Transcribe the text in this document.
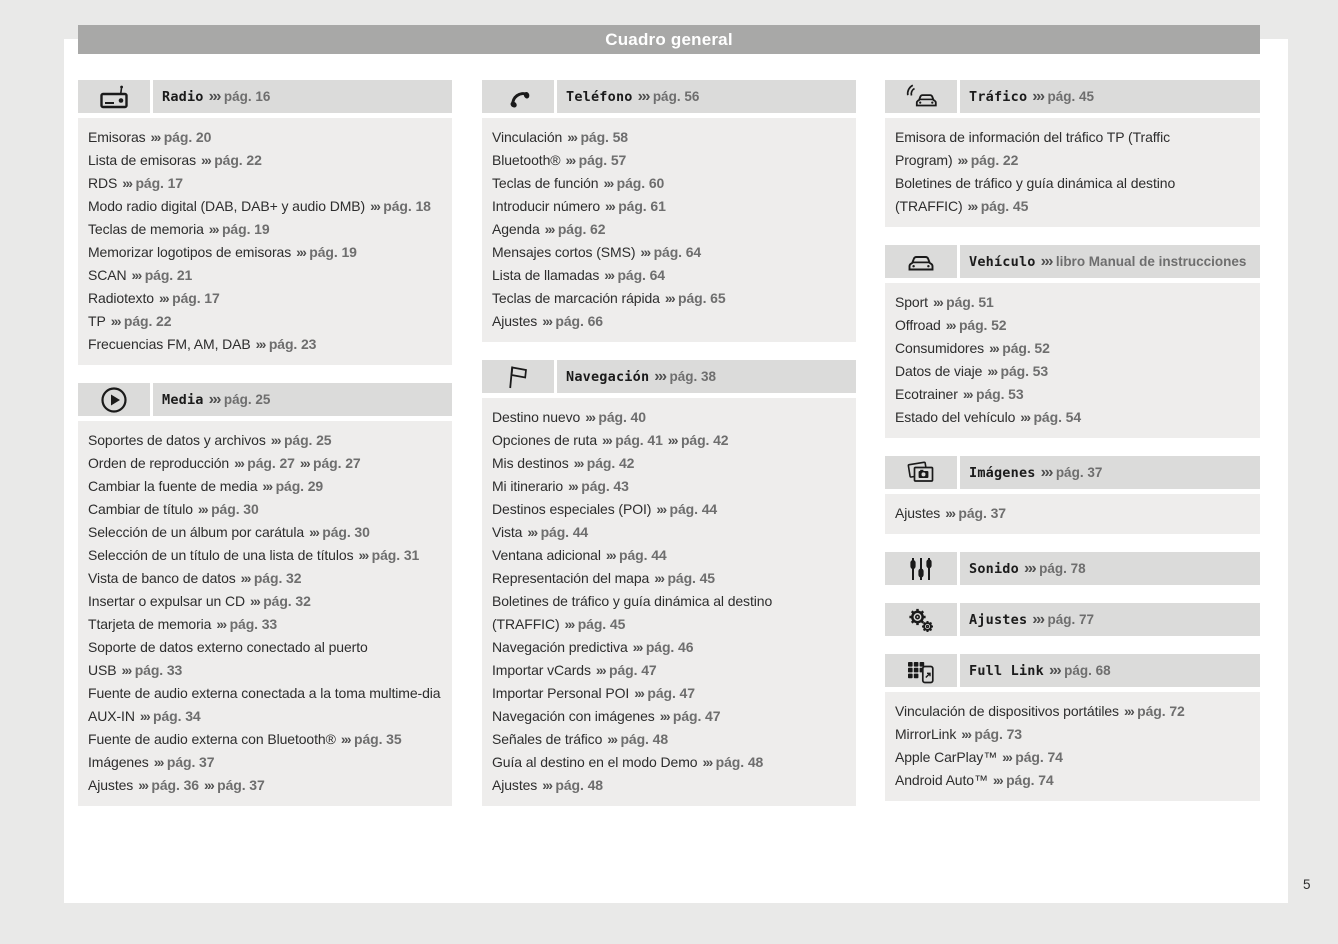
Cuadro general
Radio ››› pág. 16
Emisoras ››› pág. 20
Lista de emisoras ››› pág. 22
RDS ››› pág. 17
Modo radio digital (DAB, DAB+ y audio DMB) ››› pág. 18
Teclas de memoria ››› pág. 19
Memorizar logotipos de emisoras ››› pág. 19
SCAN ››› pág. 21
Radiotexto ››› pág. 17
TP ››› pág. 22
Frecuencias FM, AM, DAB ››› pág. 23
Media ››› pág. 25
Soportes de datos y archivos ››› pág. 25
Orden de reproducción ››› pág. 27 ››› pág. 27
Cambiar la fuente de media ››› pág. 29
Cambiar de título ››› pág. 30
Selección de un álbum por carátula ››› pág. 30
Selección de un título de una lista de títulos ››› pág. 31
Vista de banco de datos ››› pág. 32
Insertar o expulsar un CD ››› pág. 32
Ttarjeta de memoria ››› pág. 33
Soporte de datos externo conectado al puerto USB ››› pág. 33
Fuente de audio externa conectada a la toma multime-dia AUX-IN ››› pág. 34
Fuente de audio externa con Bluetooth® ››› pág. 35
Imágenes ››› pág. 37
Ajustes ››› pág. 36 ››› pág. 37
Teléfono ››› pág. 56
Vinculación ››› pág. 58
Bluetooth® ››› pág. 57
Teclas de función ››› pág. 60
Introducir número ››› pág. 61
Agenda ››› pág. 62
Mensajes cortos (SMS) ››› pág. 64
Lista de llamadas ››› pág. 64
Teclas de marcación rápida ››› pág. 65
Ajustes ››› pág. 66
Navegación ››› pág. 38
Destino nuevo ››› pág. 40
Opciones de ruta ››› pág. 41 ››› pág. 42
Mis destinos ››› pág. 42
Mi itinerario ››› pág. 43
Destinos especiales (POI) ››› pág. 44
Vista ››› pág. 44
Ventana adicional ››› pág. 44
Representación del mapa ››› pág. 45
Boletines de tráfico y guía dinámica al destino (TRAFFIC) ››› pág. 45
Navegación predictiva ››› pág. 46
Importar vCards ››› pág. 47
Importar Personal POI ››› pág. 47
Navegación con imágenes ››› pág. 47
Señales de tráfico ››› pág. 48
Guía al destino en el modo Demo ››› pág. 48
Ajustes ››› pág. 48
Tráfico ››› pág. 45
Emisora de información del tráfico TP (Traffic Program) ››› pág. 22
Boletines de tráfico y guía dinámica al destino (TRAFFIC) ››› pág. 45
Vehículo ››› libro Manual de instrucciones
Sport ››› pág. 51
Offroad ››› pág. 52
Consumidores ››› pág. 52
Datos de viaje ››› pág. 53
Ecotrainer ››› pág. 53
Estado del vehículo ››› pág. 54
Imágenes ››› pág. 37
Ajustes ››› pág. 37
Sonido ››› pág. 78
Ajustes ››› pág. 77
Full Link ››› pág. 68
Vinculación de dispositivos portátiles ››› pág. 72
MirrorLink ››› pág. 73
Apple CarPlay™ ››› pág. 74
Android Auto™ ››› pág. 74
5
